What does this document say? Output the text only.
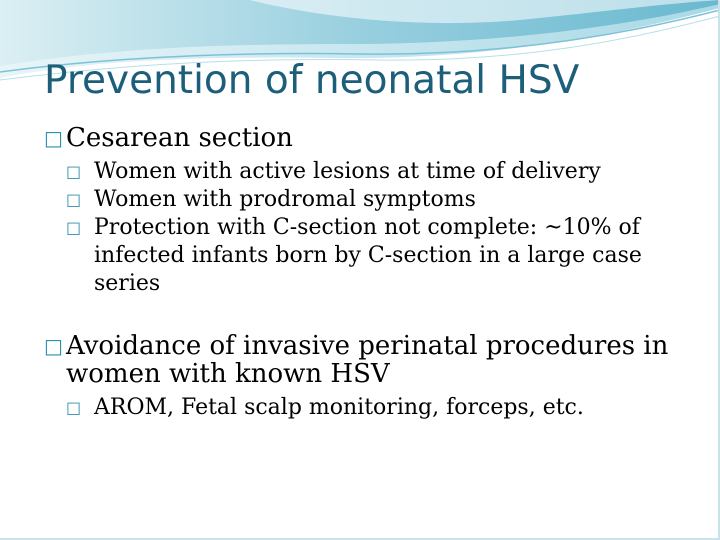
Prevention of neonatal HSV
□ Cesarean section
□ Women with active lesions at time of delivery
□ Women with prodromal symptoms
□ Protection with C-section not complete: ~10% of infected infants born by C-section in a large case series
□ Avoidance of invasive perinatal procedures in women with known HSV
□ AROM, Fetal scalp monitoring, forceps, etc.
